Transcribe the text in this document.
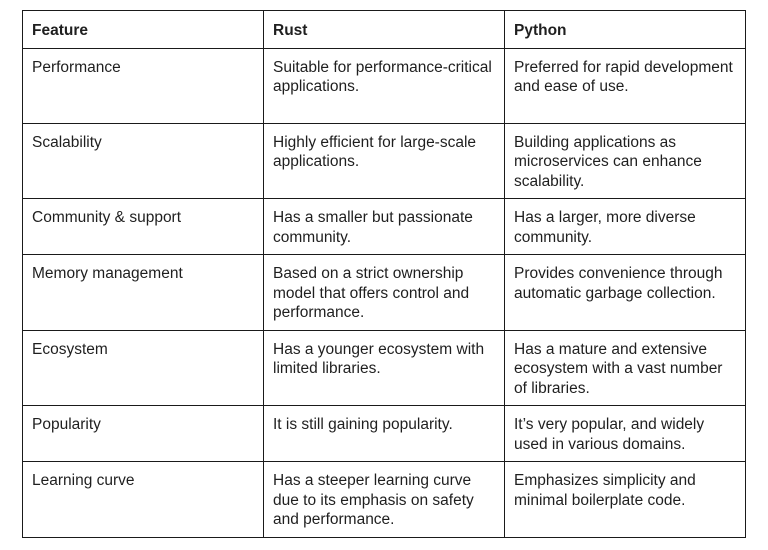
Feature	Rust	Python
Performance	Suitable for performance-critical applications.	Preferred for rapid development and ease of use.
Scalability	Highly efficient for large-scale applications.	Building applications as microservices can enhance scalability.
Community & support	Has a smaller but passionate community.	Has a larger, more diverse community.
Memory management	Based on a strict ownership model that offers control and performance.	Provides convenience through automatic garbage collection.
Ecosystem	Has a younger ecosystem with limited libraries.	Has a mature and extensive ecosystem with a vast number of libraries.
Popularity	It is still gaining popularity.	It’s very popular, and widely used in various domains.
Learning curve	Has a steeper learning curve due to its emphasis on safety and performance.	Emphasizes simplicity and minimal boilerplate code.
